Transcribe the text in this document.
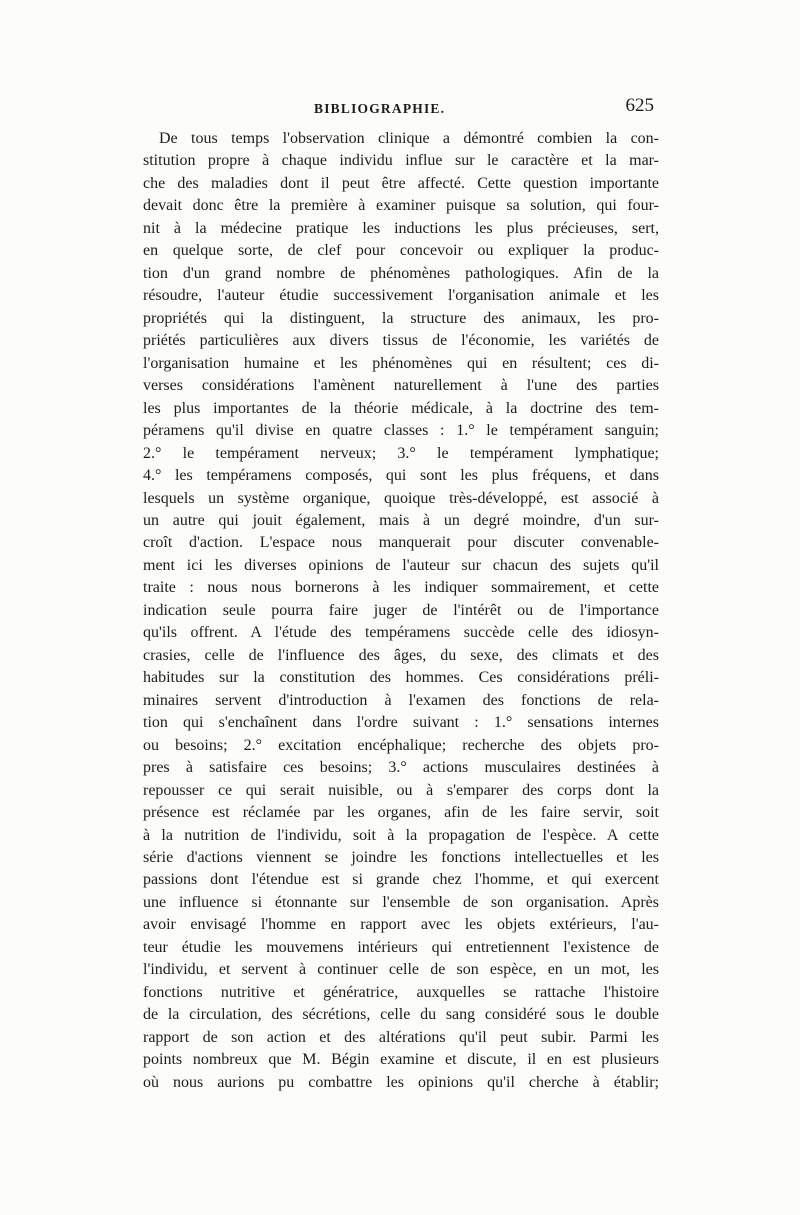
BIBLIOGRAPHIE.	625
De tous temps l'observation clinique a démontré combien la con-
stitution propre à chaque individu influe sur le caractère et la mar-
che des maladies dont il peut être affecté. Cette question importante
devait donc être la première à examiner puisque sa solution, qui four-
nit à la médecine pratique les inductions les plus précieuses, sert,
en quelque sorte, de clef pour concevoir ou expliquer la produc-
tion d'un grand nombre de phénomènes pathologiques. Afin de la
résoudre, l'auteur étudie successivement l'organisation animale et les
propriétés qui la distinguent, la structure des animaux, les pro-
priétés particulières aux divers tissus de l'économie, les variétés de
l'organisation humaine et les phénomènes qui en résultent; ces di-
verses considérations l'amènent naturellement à l'une des parties
les plus importantes de la théorie médicale, à la doctrine des tem-
péramens qu'il divise en quatre classes : 1.° le tempérament sanguin;
2.° le tempérament nerveux; 3.° le tempérament lymphatique;
4.° les tempéramens composés, qui sont les plus fréquens, et dans
lesquels un système organique, quoique très-développé, est associé à
un autre qui jouit également, mais à un degré moindre, d'un sur-
croît d'action. L'espace nous manquerait pour discuter convenable-
ment ici les diverses opinions de l'auteur sur chacun des sujets qu'il
traite : nous nous bornerons à les indiquer sommairement, et cette
indication seule pourra faire juger de l'intérêt ou de l'importance
qu'ils offrent. A l'étude des tempéramens succède celle des idiosyn-
crasies, celle de l'influence des âges, du sexe, des climats et des
habitudes sur la constitution des hommes. Ces considérations préli-
minaires servent d'introduction à l'examen des fonctions de rela-
tion qui s'enchaînent dans l'ordre suivant : 1.° sensations internes
ou besoins; 2.° excitation encéphalique; recherche des objets pro-
pres à satisfaire ces besoins; 3.° actions musculaires destinées à
repousser ce qui serait nuisible, ou à s'emparer des corps dont la
présence est réclamée par les organes, afin de les faire servir, soit
à la nutrition de l'individu, soit à la propagation de l'espèce. A cette
série d'actions viennent se joindre les fonctions intellectuelles et les
passions dont l'étendue est si grande chez l'homme, et qui exercent
une influence si étonnante sur l'ensemble de son organisation. Après
avoir envisagé l'homme en rapport avec les objets extérieurs, l'au-
teur étudie les mouvemens intérieurs qui entretiennent l'existence de
l'individu, et servent à continuer celle de son espèce, en un mot, les
fonctions nutritive et génératrice, auxquelles se rattache l'histoire
de la circulation, des sécrétions, celle du sang considéré sous le double
rapport de son action et des altérations qu'il peut subir. Parmi les
points nombreux que M. Bégin examine et discute, il en est plusieurs
où nous aurions pu combattre les opinions qu'il cherche à établir;
